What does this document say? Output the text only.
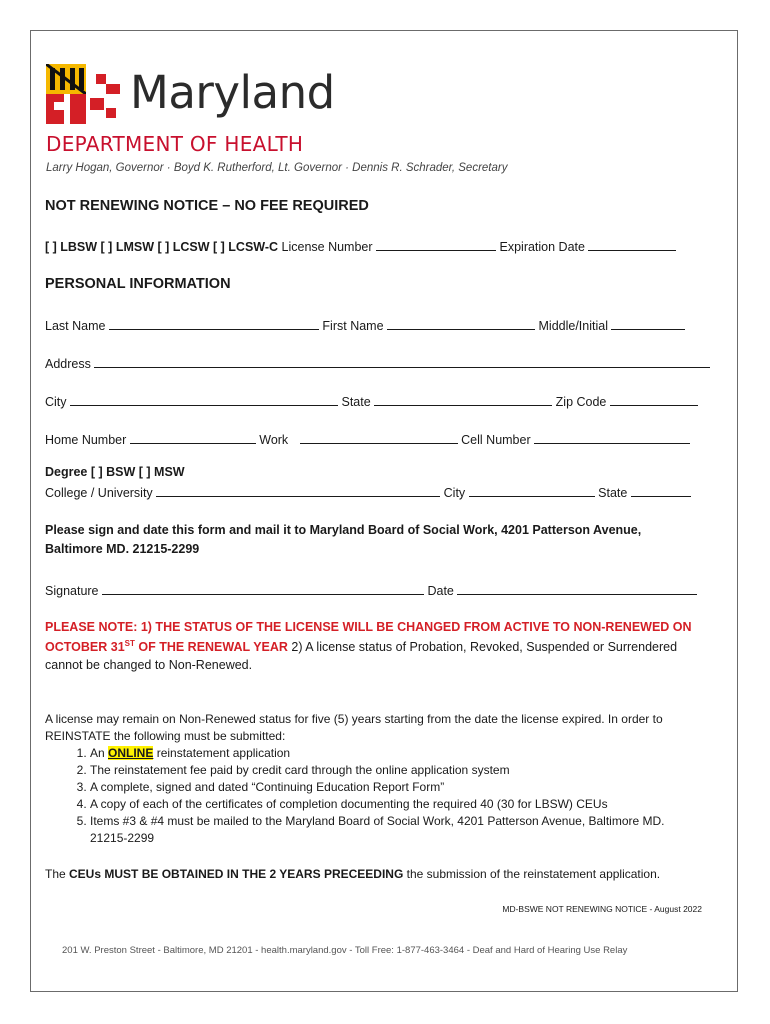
Maryland
DEPARTMENT OF HEALTH
Larry Hogan, Governor · Boyd K. Rutherford, Lt. Governor · Dennis R. Schrader, Secretary
NOT RENEWING NOTICE – NO FEE REQUIRED
[ ] LBSW [ ] LMSW [ ] LCSW [ ] LCSW-C License Number	Expiration Date
PERSONAL INFORMATION
Last Name	First Name	Middle/Initial
Address
City	State	Zip Code
Home Number	Work	Cell Number
Degree [ ] BSW [ ] MSW
College / University	City	State
Please sign and date this form and mail it to Maryland Board of Social Work, 4201 Patterson Avenue,
Baltimore MD. 21215-2299
Signature	Date
PLEASE NOTE: 1) THE STATUS OF THE LICENSE WILL BE CHANGED FROM ACTIVE TO NON-RENEWED ON
OCTOBER 31ST OF THE RENEWAL YEAR 2) A license status of Probation, Revoked, Suspended or Surrendered
cannot be changed to Non-Renewed.
A license may remain on Non-Renewed status for five (5) years starting from the date the license expired. In order to
REINSTATE the following must be submitted:
1. An ONLINE reinstatement application
2. The reinstatement fee paid by credit card through the online application system
3. A complete, signed and dated “Continuing Education Report Form”
4. A copy of each of the certificates of completion documenting the required 40 (30 for LBSW) CEUs
5. Items #3 & #4 must be mailed to the Maryland Board of Social Work, 4201 Patterson Avenue, Baltimore MD.
21215-2299
The CEUs MUST BE OBTAINED IN THE 2 YEARS PRECEEDING the submission of the reinstatement application.
MD-BSWE NOT RENEWING NOTICE - August 2022
201 W. Preston Street - Baltimore, MD 21201 - health.maryland.gov - Toll Free: 1-877-463-3464 - Deaf and Hard of Hearing Use Relay
